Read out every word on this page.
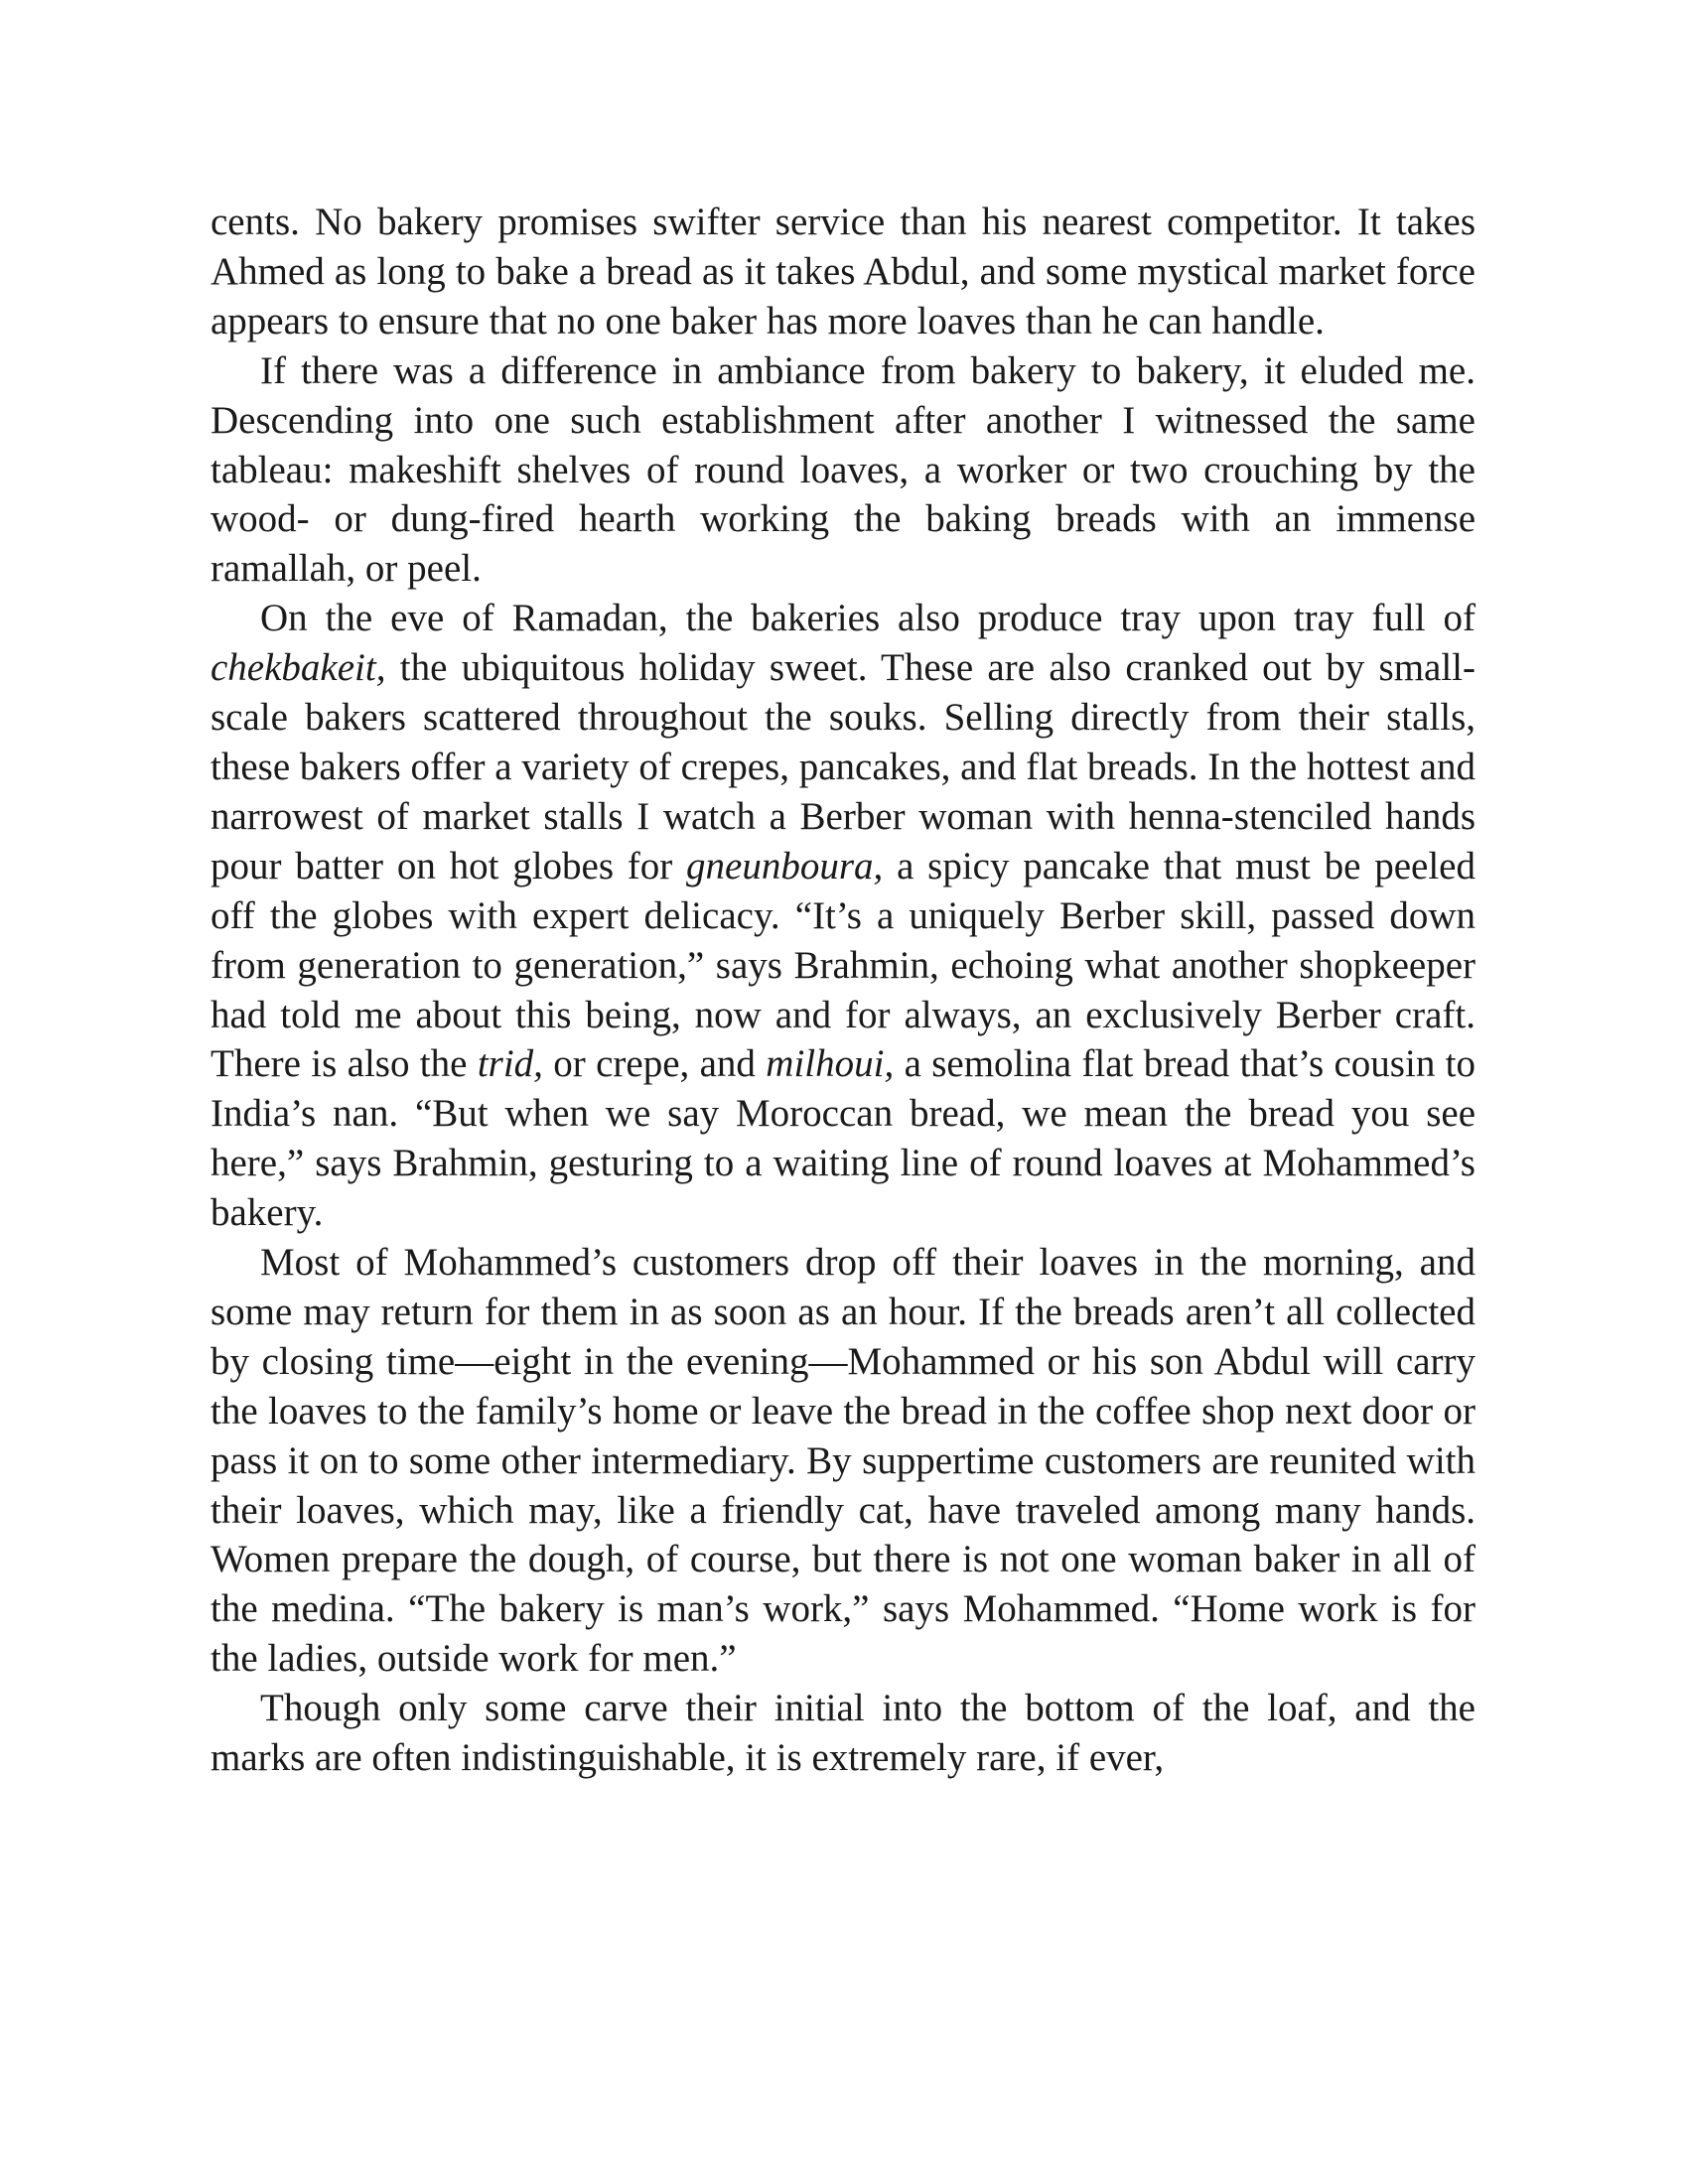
cents. No bakery promises swifter service than his nearest competitor. It takes Ahmed as long to bake a bread as it takes Abdul, and some mystical market force appears to ensure that no one baker has more loaves than he can handle.

If there was a difference in ambiance from bakery to bakery, it eluded me. Descending into one such establishment after another I witnessed the same tableau: makeshift shelves of round loaves, a worker or two crouching by the wood- or dung-fired hearth working the baking breads with an immense ramallah, or peel.

On the eve of Ramadan, the bakeries also produce tray upon tray full of chekbakeit, the ubiquitous holiday sweet. These are also cranked out by small-scale bakers scattered throughout the souks. Selling directly from their stalls, these bakers offer a variety of crepes, pancakes, and flat breads. In the hottest and narrowest of market stalls I watch a Berber woman with henna-stenciled hands pour batter on hot globes for gneunboura, a spicy pancake that must be peeled off the globes with expert delicacy. “It’s a uniquely Berber skill, passed down from generation to generation,” says Brahmin, echoing what another shopkeeper had told me about this being, now and for always, an exclusively Berber craft. There is also the trid, or crepe, and milhoui, a semolina flat bread that’s cousin to India’s nan. “But when we say Moroccan bread, we mean the bread you see here,” says Brahmin, gesturing to a waiting line of round loaves at Mohammed’s bakery.

Most of Mohammed’s customers drop off their loaves in the morning, and some may return for them in as soon as an hour. If the breads aren’t all collected by closing time—eight in the evening—Mohammed or his son Abdul will carry the loaves to the family’s home or leave the bread in the coffee shop next door or pass it on to some other intermediary. By suppertime customers are reunited with their loaves, which may, like a friendly cat, have traveled among many hands. Women prepare the dough, of course, but there is not one woman baker in all of the medina. “The bakery is man’s work,” says Mohammed. “Home work is for the ladies, outside work for men.”

Though only some carve their initial into the bottom of the loaf, and the marks are often indistinguishable, it is extremely rare, if ever,
